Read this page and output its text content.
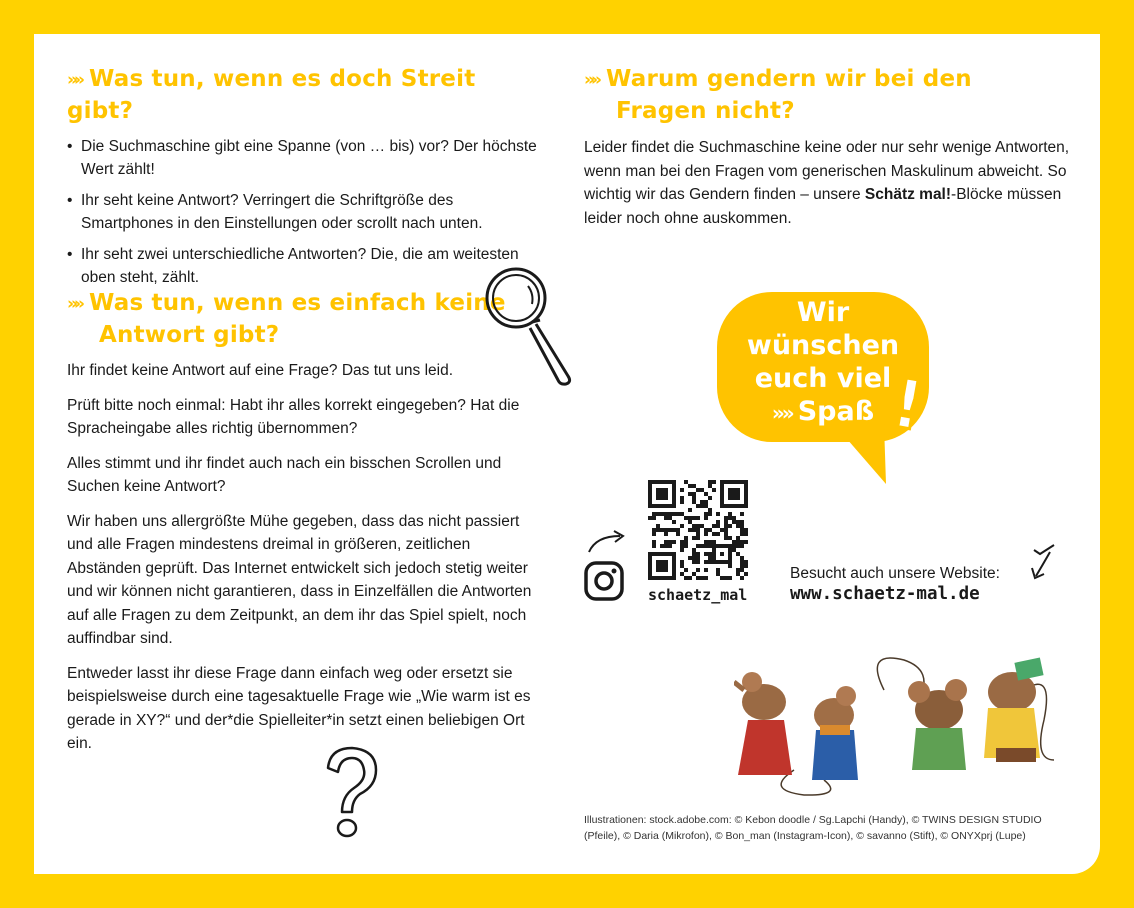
»» Was tun, wenn es doch Streit gibt?
• Die Suchmaschine gibt eine Spanne (von … bis) vor? Der höchste Wert zählt!
• Ihr seht keine Antwort? Verringert die Schriftgröße des Smartphones in den Einstellungen oder scrollt nach unten.
• Ihr seht zwei unterschiedliche Antworten? Die, die am weitesten oben steht, zählt.
»» Was tun, wenn es einfach keine
Antwort gibt?

Ihr findet keine Antwort auf eine Frage? Das tut uns leid.

Prüft bitte noch einmal: Habt ihr alles korrekt eingegeben? Hat die Spracheingabe alles richtig übernommen?

Alles stimmt und ihr findet auch nach ein bisschen Scrollen und Suchen keine Antwort?

Wir haben uns allergrößte Mühe gegeben, dass das nicht passiert und alle Fragen mindestens dreimal in größeren, zeitlichen Abständen geprüft. Das Internet entwickelt sich jedoch stetig weiter und wir können nicht garantieren, dass in Einzelfällen die Antworten auf alle Fragen zu dem Zeitpunkt, an dem ihr das Spiel spielt, noch auffindbar sind.

Entweder lasst ihr diese Frage dann einfach weg oder ersetzt sie beispielsweise durch eine tagesaktuelle Frage wie „Wie warm ist es gerade in XY?“ und der*die Spielleiter*in setzt einen beliebigen Ort ein.

»» Warum gendern wir bei den
Fragen nicht?

Leider findet die Suchmaschine keine oder nur sehr wenige Antworten, wenn man bei den Fragen vom generischen Maskulinum abweicht. So wichtig wir das Gendern finden – unsere Schätz mal!-Blöcke müssen leider noch ohne auskommen.

Wir
wünschen
euch viel
»» Spaß !
schaetz_mal
Besucht auch unsere Website:
www.schaetz-mal.de
Illustrationen: stock.adobe.com: © Kebon doodle / Sg.Lapchi (Handy), © TWINS DESIGN STUDIO (Pfeile), © Daria (Mikrofon), © Bon_man (Instagram-Icon), © savanno (Stift), © ONYXprj (Lupe)
